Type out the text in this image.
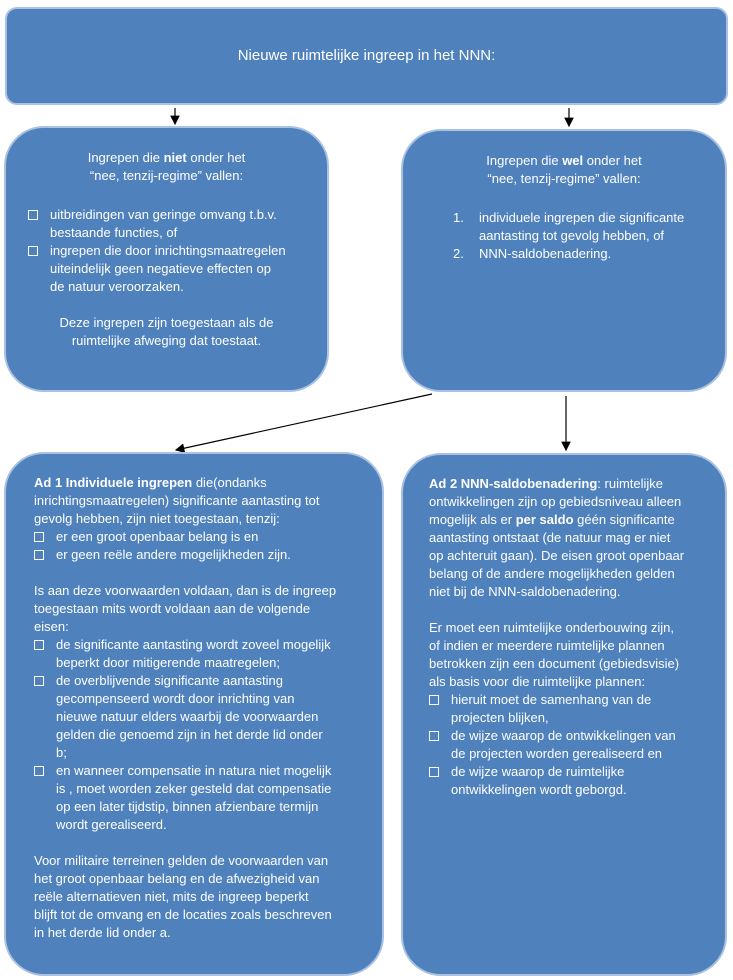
Nieuwe ruimtelijke ingreep in het NNN:
Ingrepen die niet onder het
“nee, tenzij-regime” vallen:
uitbreidingen van geringe omvang t.b.v.
bestaande functies, of
ingrepen die door inrichtingsmaatregelen
uiteindelijk geen negatieve effecten op
de natuur veroorzaken.
Deze ingrepen zijn toegestaan als de
ruimtelijke afweging dat toestaat.
Ingrepen die wel onder het
“nee, tenzij-regime” vallen:
1.	individuele ingrepen die significante
aantasting tot gevolg hebben, of
2.	NNN-saldobenadering.
Ad 1 Individuele ingrepen die(ondanks
inrichtingsmaatregelen) significante aantasting tot
gevolg hebben, zijn niet toegestaan, tenzij:
er een groot openbaar belang is en
er geen reële andere mogelijkheden zijn.
Is aan deze voorwaarden voldaan, dan is de ingreep
toegestaan mits wordt voldaan aan de volgende
eisen:
de significante aantasting wordt zoveel mogelijk
beperkt door mitigerende maatregelen;
de overblijvende significante aantasting
gecompenseerd wordt door inrichting van
nieuwe natuur elders waarbij de voorwaarden
gelden die genoemd zijn in het derde lid onder
b;
en wanneer compensatie in natura niet mogelijk
is , moet worden zeker gesteld dat compensatie
op een later tijdstip, binnen afzienbare termijn
wordt gerealiseerd.
Voor militaire terreinen gelden de voorwaarden van
het groot openbaar belang en de afwezigheid van
reële alternatieven niet, mits de ingreep beperkt
blijft tot de omvang en de locaties zoals beschreven
in het derde lid onder a.
Ad 2 NNN-saldobenadering: ruimtelijke
ontwikkelingen zijn op gebiedsniveau alleen
mogelijk als er per saldo géén significante
aantasting ontstaat (de natuur mag er niet
op achteruit gaan). De eisen groot openbaar
belang of de andere mogelijkheden gelden
niet bij de NNN-saldobenadering.
Er moet een ruimtelijke onderbouwing zijn,
of indien er meerdere ruimtelijke plannen
betrokken zijn een document (gebiedsvisie)
als basis voor die ruimtelijke plannen:
hieruit moet de samenhang van de
projecten blijken,
de wijze waarop de ontwikkelingen van
de projecten worden gerealiseerd en
de wijze waarop de ruimtelijke
ontwikkelingen wordt geborgd.
